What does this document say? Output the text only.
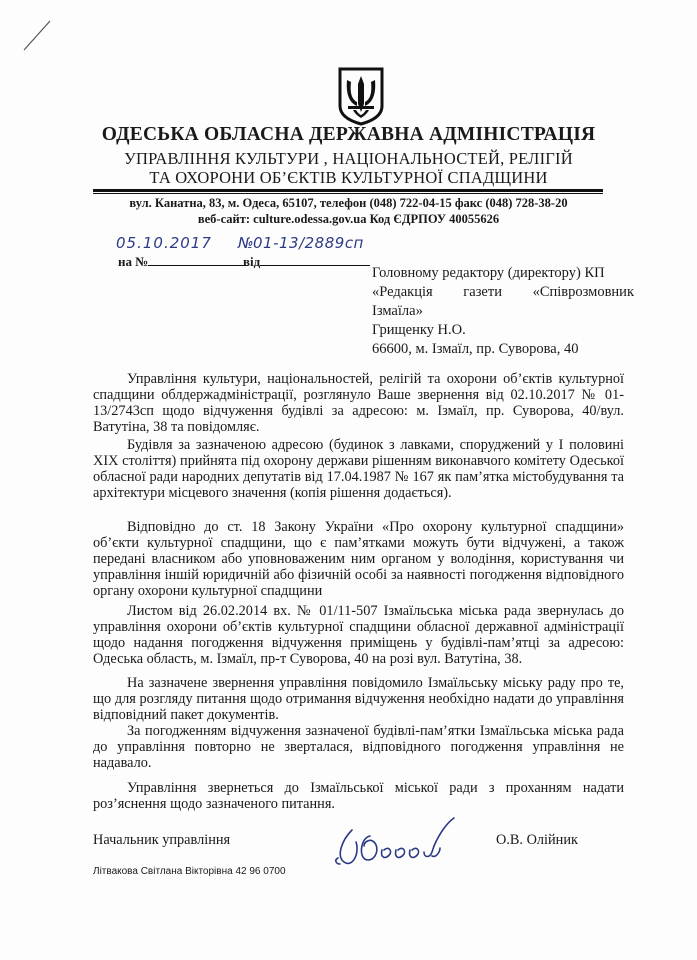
ОДЕСЬКА ОБЛАСНА ДЕРЖАВНА АДМІНІСТРАЦІЯ
УПРАВЛІННЯ КУЛЬТУРИ , НАЦІОНАЛЬНОСТЕЙ, РЕЛІГІЙ
ТА ОХОРОНИ ОБ’ЄКТІВ КУЛЬТУРНОЇ СПАДЩИНИ
вул. Канатна, 83, м. Одеса, 65107, телефон (048) 722-04-15 факс (048) 728-38-20
веб-сайт: culture.odessa.gov.ua Код ЄДРПОУ 40055626
05.10.2017 № 01-13/2889сп
на №	від
Головному редактору (директору) КП
«Редакція газети «Співрозмовник
Ізмаїла»
Грищенку Н.О.
66600, м. Ізмаїл, пр. Суворова, 40

Управління культури, національностей, релігій та охорони об’єктів культурної спадщини облдержадміністрації, розглянуло Ваше звернення від 02.10.2017 № 01-13/2743сп щодо відчуження будівлі за адресою: м. Ізмаїл, пр. Суворова, 40/вул. Ватутіна, 38 та повідомляє.

Будівля за зазначеною адресою (будинок з лавками, споруджений у І половині ХІХ століття) прийнята під охорону держави рішенням виконавчого комітету Одеської обласної ради народних депутатів від 17.04.1987 № 167 як пам’ятка містобудування та архітектури місцевого значення (копія рішення додається).

Відповідно до ст. 18 Закону України «Про охорону культурної спадщини» об’єкти культурної спадщини, що є пам’ятками можуть бути відчужені, а також передані власником або уповноваженим ним органом у володіння, користування чи управління іншій юридичній або фізичній особі за наявності погодження відповідного органу охорони культурної спадщини

Листом від 26.02.2014 вх. № 01/11-507 Ізмаїльська міська рада звернулась до управління охорони об’єктів культурної спадщини обласної державної адміністрації щодо надання погодження відчуження приміщень у будівлі-пам’ятці за адресою: Одеська область, м. Ізмаїл, пр-т Суворова, 40 на розі вул. Ватутіна, 38.

На зазначене звернення управління повідомило Ізмаїльську міську раду про те, що для розгляду питання щодо отримання відчуження необхідно надати до управління відповідний пакет документів.

За погодженням відчуження зазначеної будівлі-пам’ятки Ізмаїльська міська рада до управління повторно не зверталася, відповідного погодження управління не надавало.

Управління звернеться до Ізмаїльської міської ради з проханням надати роз’яснення щодо зазначеного питання.

Начальник управління	О.В. Олійник
Літвакова Світлана Вікторівна 42 96 0700
